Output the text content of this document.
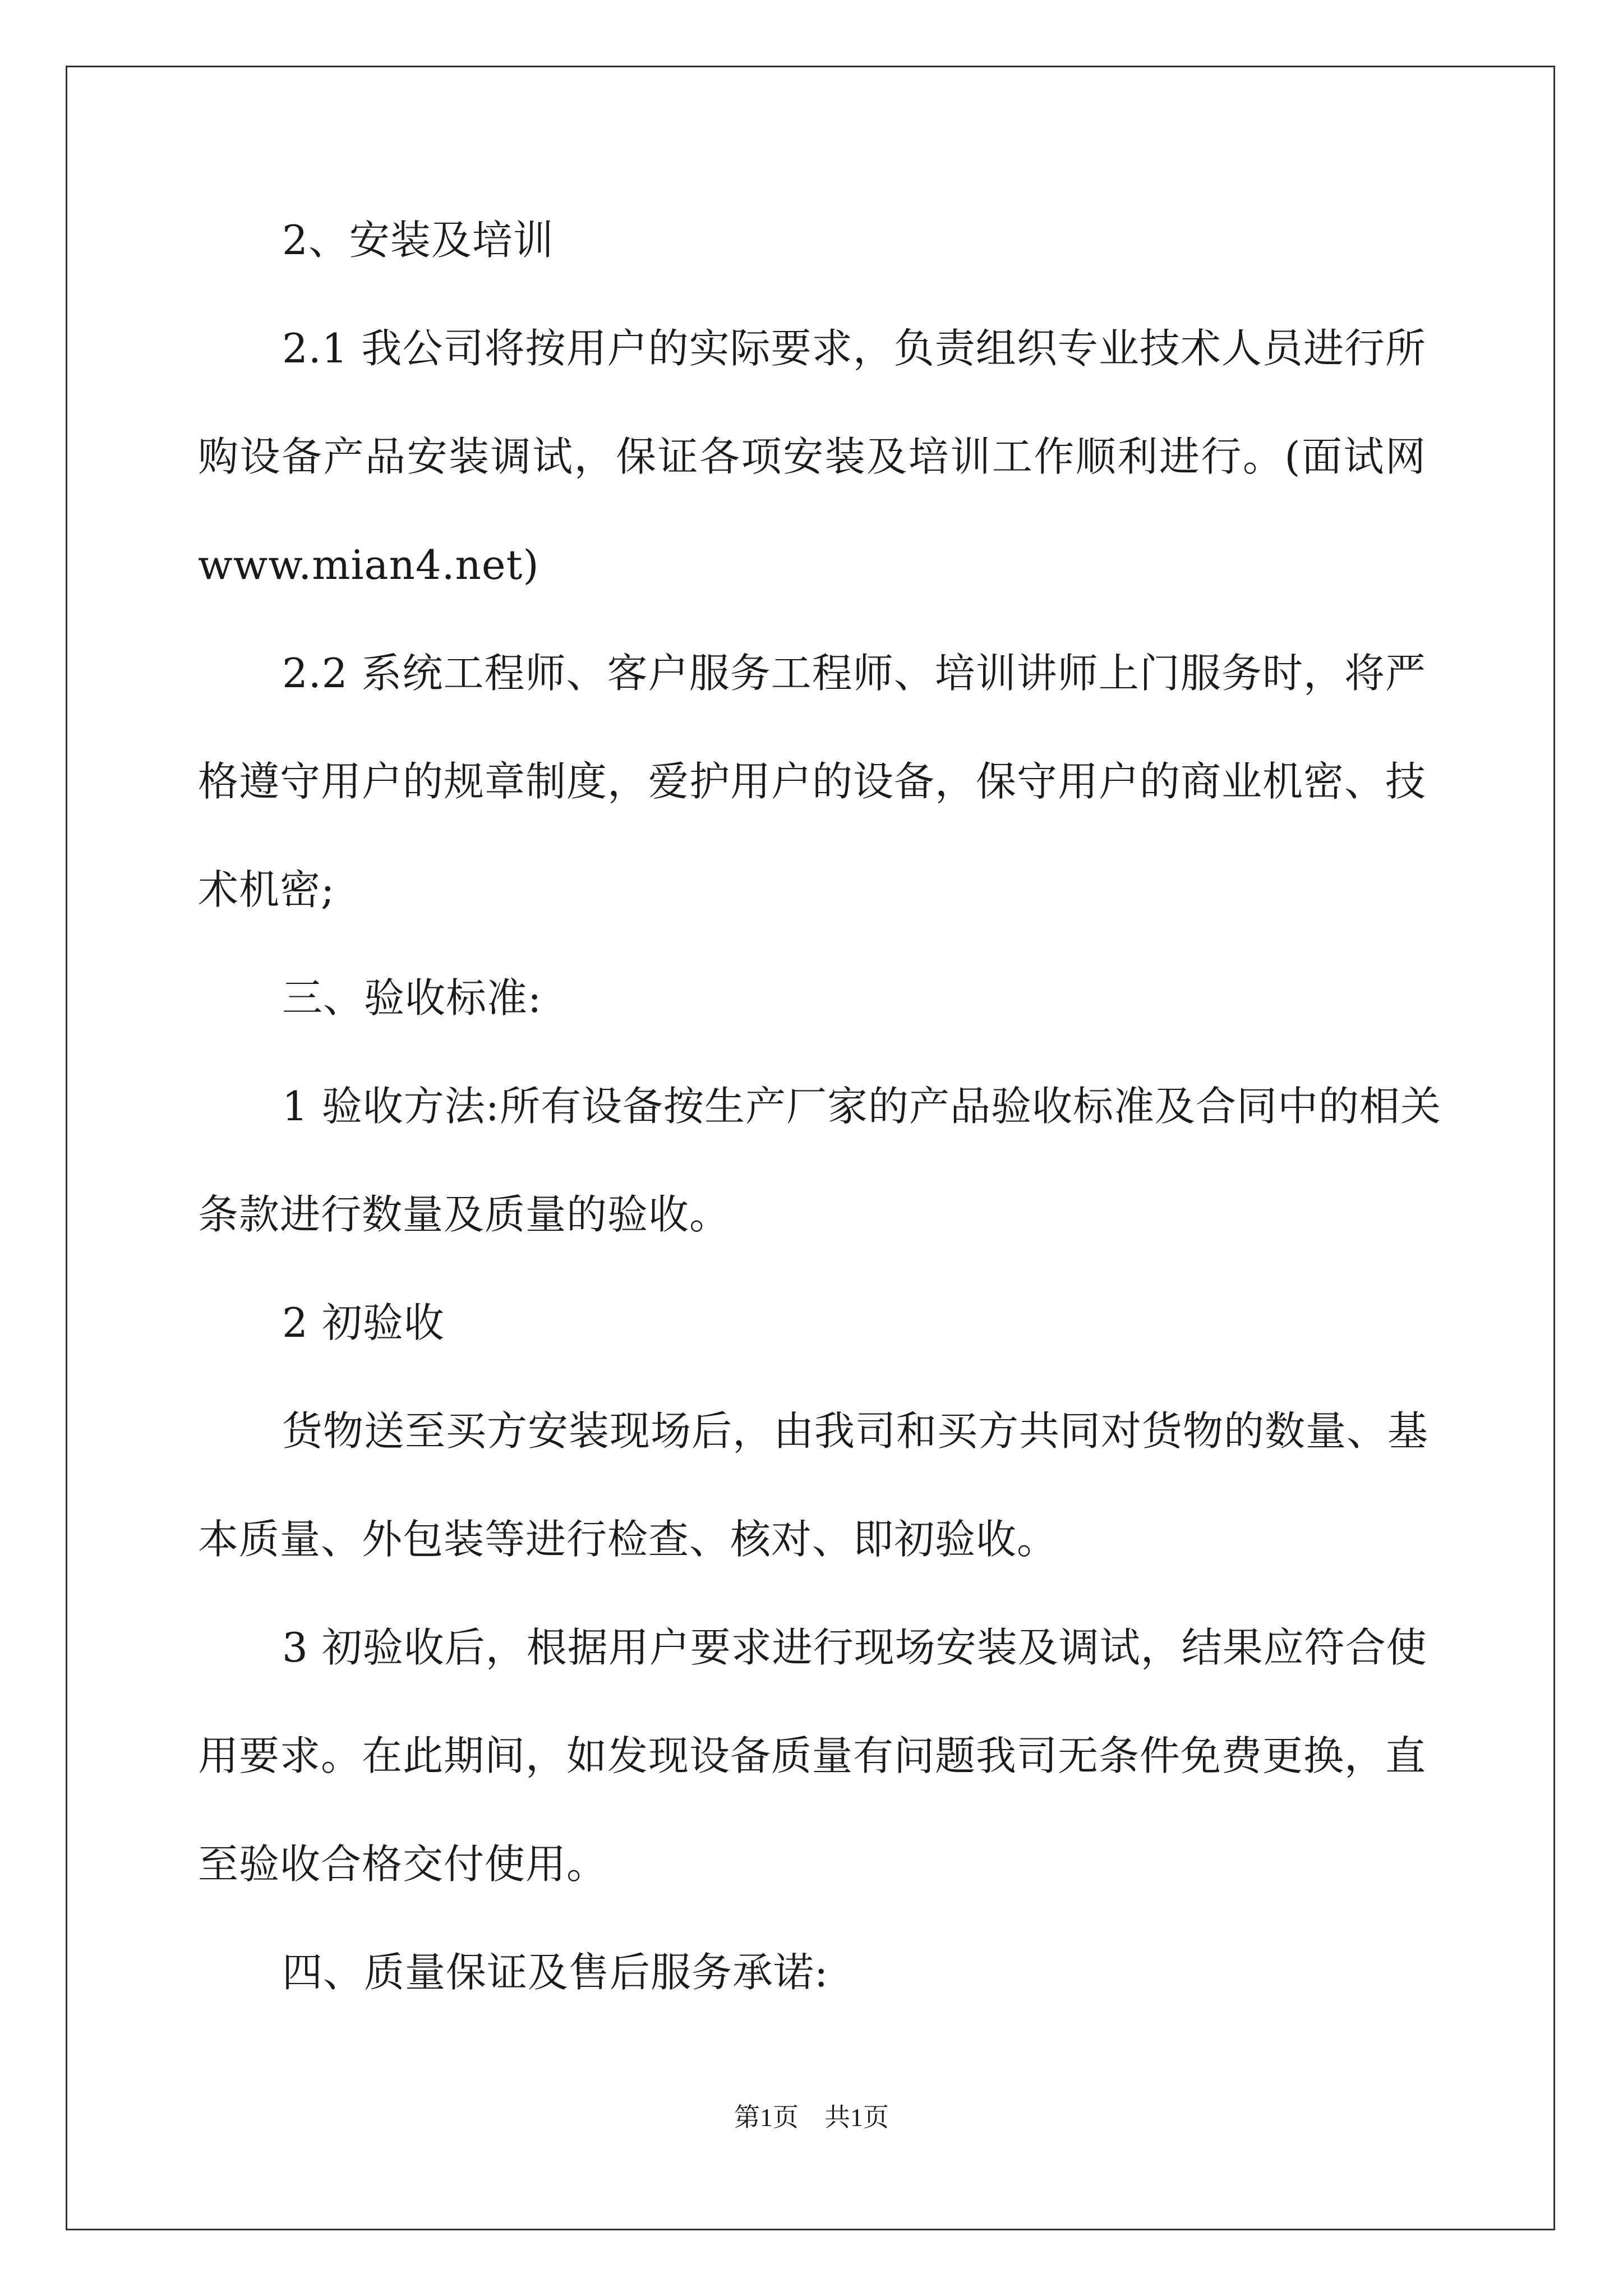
2、安装及培训
2.1 我公司将按用户的实际要求，负责组织专业技术人员进行所
购设备产品安装调试，保证各项安装及培训工作顺利进行。(面试网
www.mian4.net)
2.2 系统工程师、客户服务工程师、培训讲师上门服务时，将严
格遵守用户的规章制度，爱护用户的设备，保守用户的商业机密、技
术机密;
三、验收标准:
1 验收方法:所有设备按生产厂家的产品验收标准及合同中的相关
条款进行数量及质量的验收。
2 初验收
货物送至买方安装现场后，由我司和买方共同对货物的数量、基
本质量、外包装等进行检查、核对、即初验收。
3 初验收后，根据用户要求进行现场安装及调试，结果应符合使
用要求。在此期间，如发现设备质量有问题我司无条件免费更换，直
至验收合格交付使用。
四、质量保证及售后服务承诺:
第1页　共1页
